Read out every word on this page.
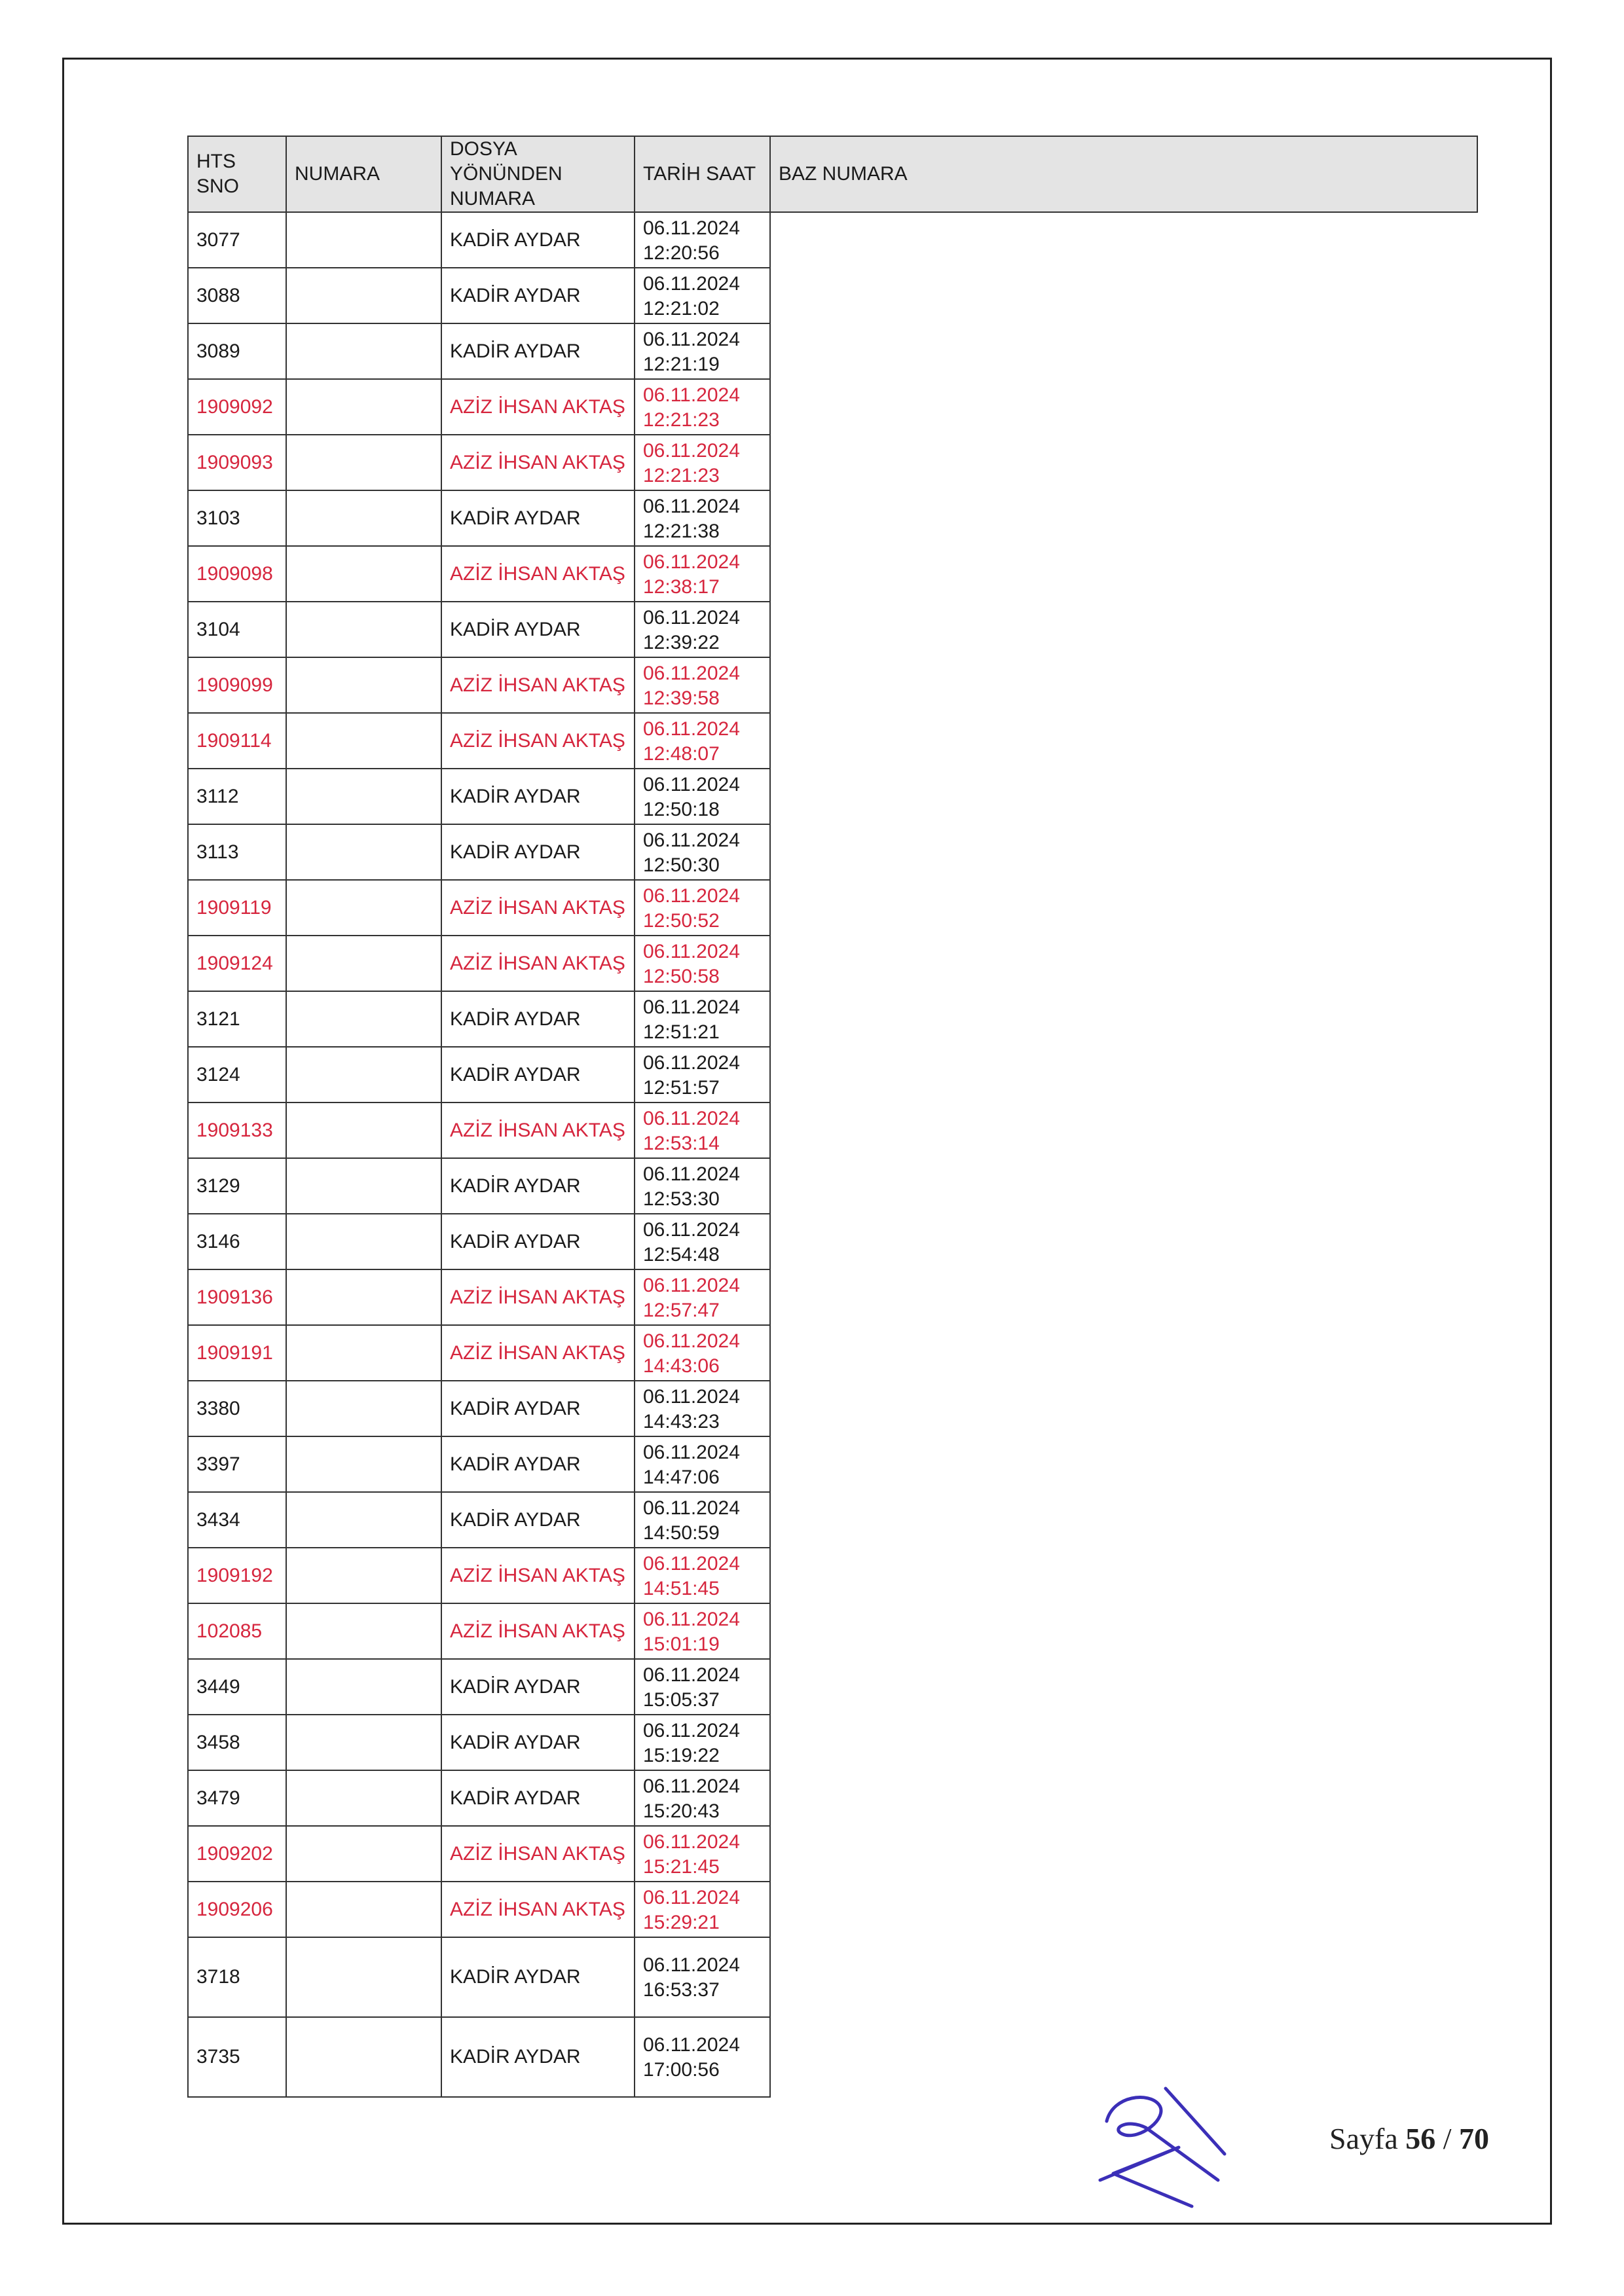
HTS SNO	NUMARA	DOSYA YÖNÜNDEN NUMARA	TARİH SAAT	BAZ NUMARA
3077		KADİR AYDAR	06.11.2024
12:20:56	
3088		KADİR AYDAR	06.11.2024
12:21:02	
3089		KADİR AYDAR	06.11.2024
12:21:19	
1909092		AZİZ İHSAN AKTAŞ	06.11.2024
12:21:23	
1909093		AZİZ İHSAN AKTAŞ	06.11.2024
12:21:23	
3103		KADİR AYDAR	06.11.2024
12:21:38	
1909098		AZİZ İHSAN AKTAŞ	06.11.2024
12:38:17	
3104		KADİR AYDAR	06.11.2024
12:39:22	
1909099		AZİZ İHSAN AKTAŞ	06.11.2024
12:39:58	
1909114		AZİZ İHSAN AKTAŞ	06.11.2024
12:48:07	
3112		KADİR AYDAR	06.11.2024
12:50:18	
3113		KADİR AYDAR	06.11.2024
12:50:30	
1909119		AZİZ İHSAN AKTAŞ	06.11.2024
12:50:52	
1909124		AZİZ İHSAN AKTAŞ	06.11.2024
12:50:58	
3121		KADİR AYDAR	06.11.2024
12:51:21	
3124		KADİR AYDAR	06.11.2024
12:51:57	
1909133		AZİZ İHSAN AKTAŞ	06.11.2024
12:53:14	
3129		KADİR AYDAR	06.11.2024
12:53:30	
3146		KADİR AYDAR	06.11.2024
12:54:48	
1909136		AZİZ İHSAN AKTAŞ	06.11.2024
12:57:47	
1909191		AZİZ İHSAN AKTAŞ	06.11.2024
14:43:06	
3380		KADİR AYDAR	06.11.2024
14:43:23	
3397		KADİR AYDAR	06.11.2024
14:47:06	
3434		KADİR AYDAR	06.11.2024
14:50:59	
1909192		AZİZ İHSAN AKTAŞ	06.11.2024
14:51:45	
102085		AZİZ İHSAN AKTAŞ	06.11.2024
15:01:19	
3449		KADİR AYDAR	06.11.2024
15:05:37	
3458		KADİR AYDAR	06.11.2024
15:19:22	
3479		KADİR AYDAR	06.11.2024
15:20:43	
1909202		AZİZ İHSAN AKTAŞ	06.11.2024
15:21:45	
1909206		AZİZ İHSAN AKTAŞ	06.11.2024
15:29:21	
3718		KADİR AYDAR	06.11.2024
16:53:37	
3735		KADİR AYDAR	06.11.2024
17:00:56	
Sayfa 56 / 70
